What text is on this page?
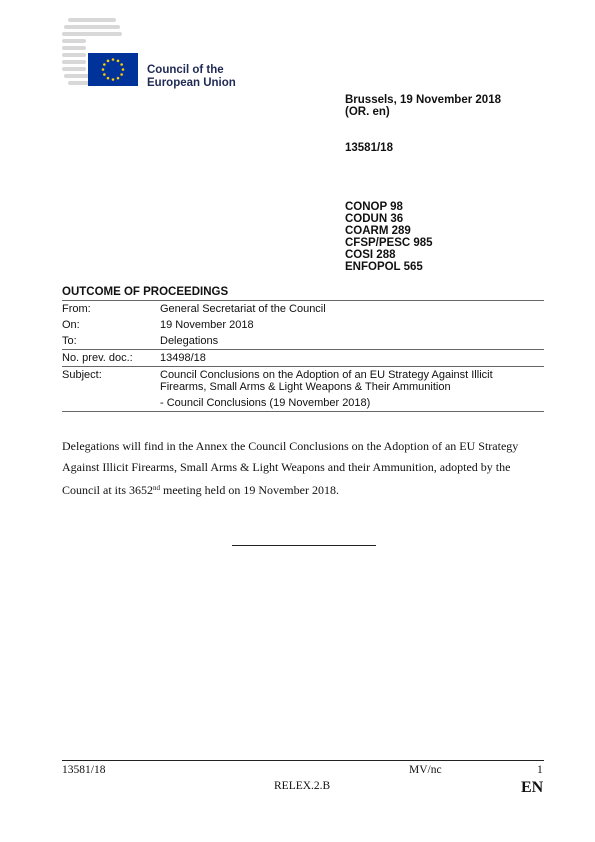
Council of the
European Union
Brussels, 19 November 2018
(OR. en)
13581/18
CONOP 98
CODUN 36
COARM 289
CFSP/PESC 985
COSI 288
ENFOPOL 565
OUTCOME OF PROCEEDINGS
From:	General Secretariat of the Council
On:	19 November 2018
To:	Delegations
No. prev. doc.:	13498/18
Subject:	Council Conclusions on the Adoption of an EU Strategy Against Illicit
Firearms, Small Arms & Light Weapons & Their Ammunition

	- Council Conclusions (19 November 2018)
Delegations will find in the Annex the Council Conclusions on the Adoption of an EU Strategy Against Illicit Firearms, Small Arms & Light Weapons and their Ammunition, adopted by the Council at its 3652nd meeting held on 19 November 2018.
13581/18	MV/nc	1
RELEX.2.B	EN
